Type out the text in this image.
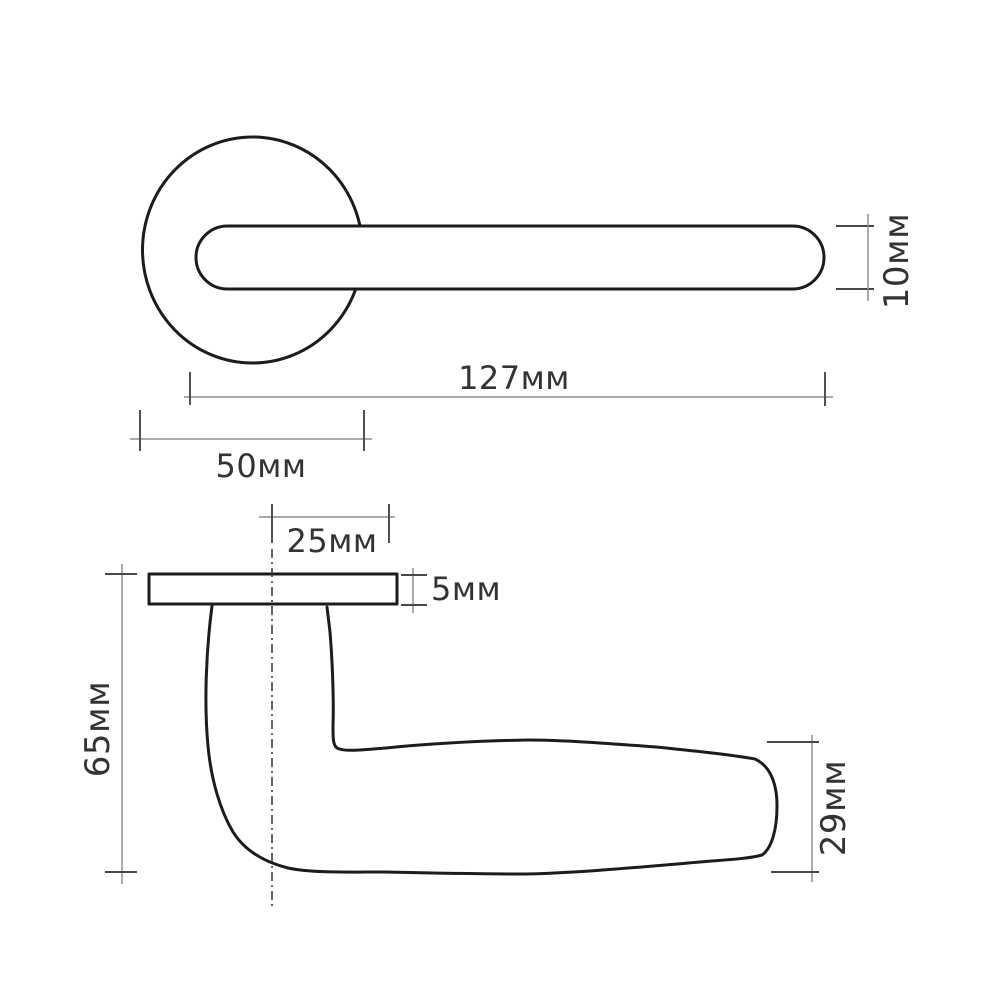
10мм
127мм
50мм
25мм
5мм
65мм
29мм
